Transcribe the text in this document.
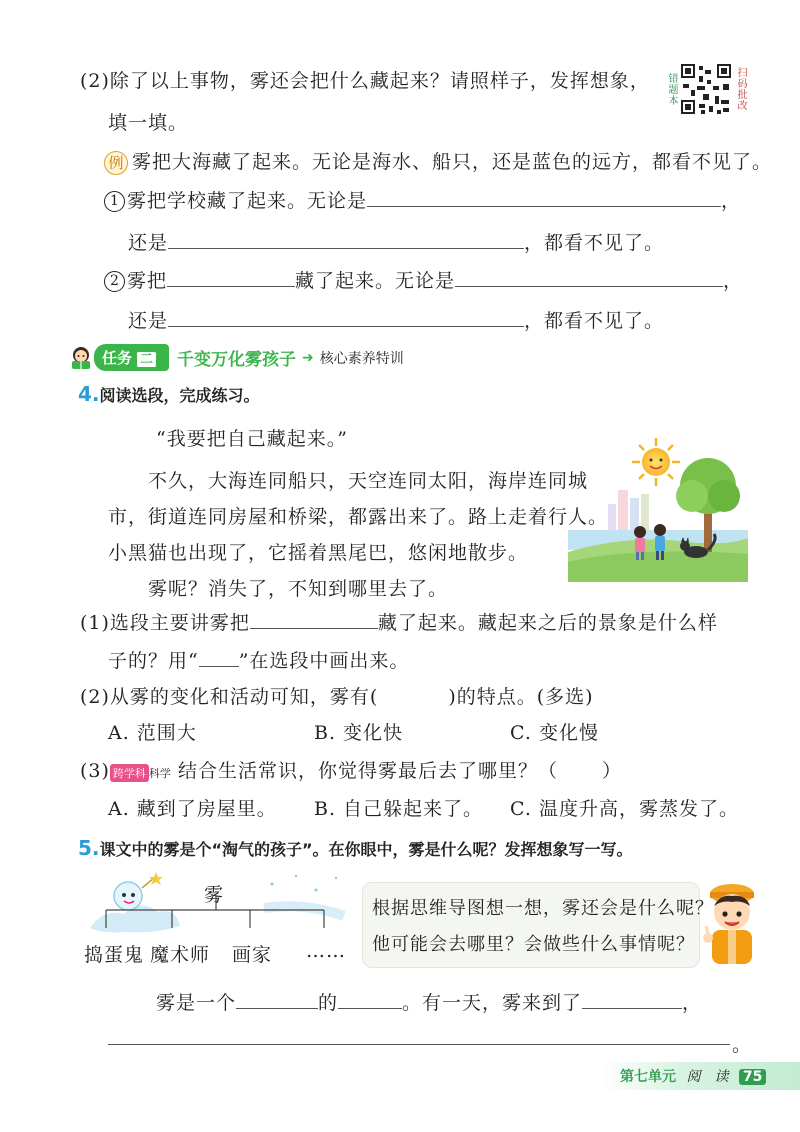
(2)除了以上事物，雾还会把什么藏起来？请照样子，发挥想象，
填一填。
错题本	扫码批改
例 雾把大海藏了起来。无论是海水、船只，还是蓝色的远方，都看不见了。
1 雾把学校藏了起来。无论是	，
还是	，都看不见了。
2 雾把	藏了起来。无论是	，
还是	，都看不见了。
任务 二	千变万化雾孩子 ➜ 核心素养特训
4.阅读选段，完成练习。
“我要把自己藏起来。”
不久，大海连同船只，天空连同太阳，海岸连同城
市，街道连同房屋和桥梁，都露出来了。路上走着行人。
小黑猫也出现了，它摇着黑尾巴，悠闲地散步。
雾呢？消失了，不知到哪里去了。
(1)选段主要讲雾把	藏了起来。藏起来之后的景象是什么样
子的？用“ ”在选段中画出来。
(2)从雾的变化和活动可知，雾有(	)的特点。(多选)
A. 范围大	B. 变化快	C. 变化慢
(3) 跨学科 科学 结合生活常识，你觉得雾最后去了哪里？（ ）
A. 藏到了房屋里。 B. 自己躲起来了。 C. 温度升高，雾蒸发了。
5.课文中的雾是个“淘气的孩子”。在你眼中，雾是什么呢？发挥想象写一写。
雾
捣蛋鬼 魔术师 画家 ……
根据思维导图想一想，雾还会是什么呢？
他可能会去哪里？会做些什么事情呢？
雾是一个	的	。有一天，雾来到了	，
。
第七单元 阅　读 75
